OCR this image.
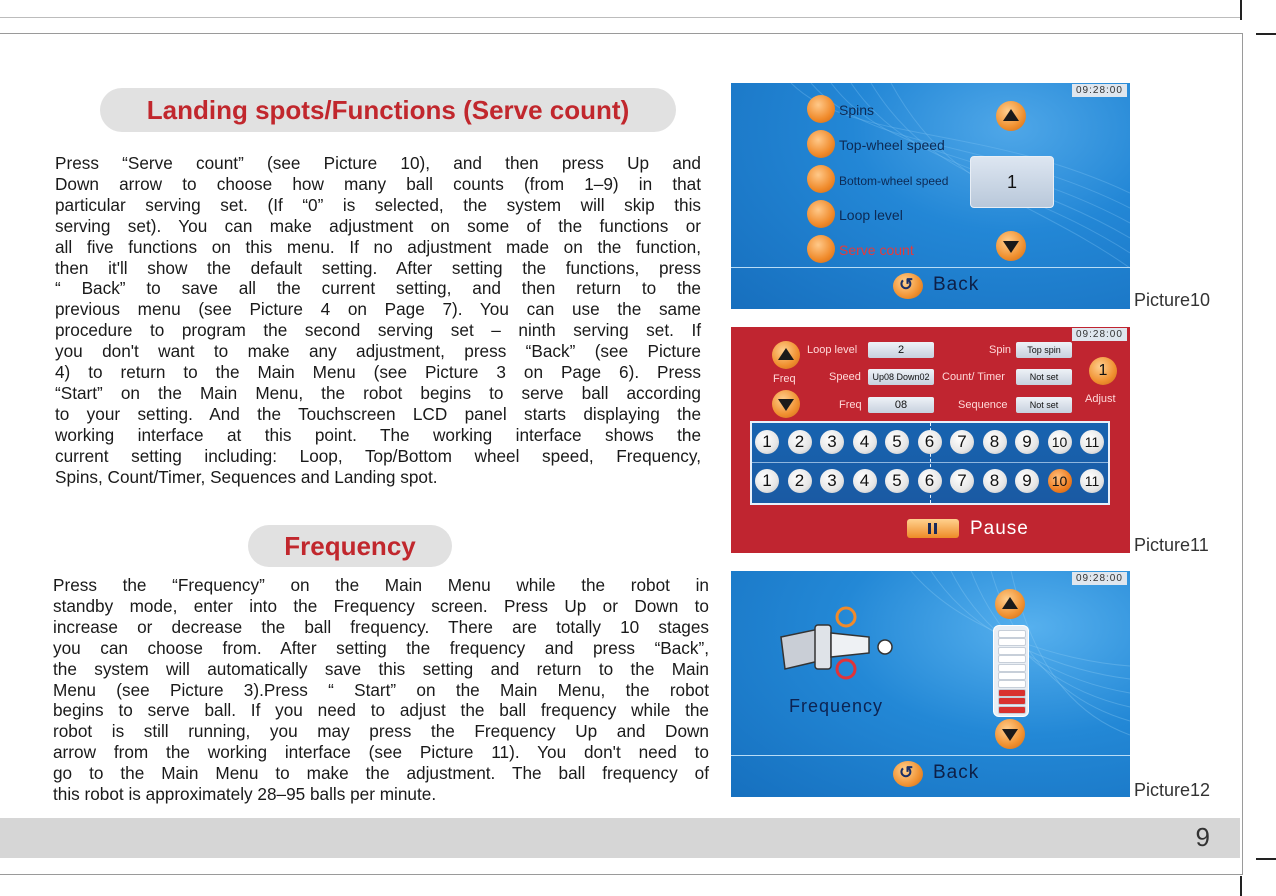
9
Landing spots/Functions (Serve count)
Press “Serve count” (see Picture 10), and then press Up and
Down arrow to choose how many ball counts (from 1–9) in that
particular serving set. (If “0” is selected, the system will skip this
serving set). You can make adjustment on some of the functions or
all five functions on this menu. If no adjustment made on the function,
then it'll show the default setting. After setting the functions, press
“ Back” to save all the current setting, and then return to the
previous menu (see Picture 4 on Page 7). You can use the same
procedure to program the second serving set – ninth serving set. If
you don't want to make any adjustment, press “Back” (see Picture
4) to return to the Main Menu (see Picture 3 on Page 6). Press
“Start” on the Main Menu, the robot begins to serve ball according
to your setting. And the Touchscreen LCD panel starts displaying the
working interface at this point. The working interface shows the
current setting including: Loop, Top/Bottom wheel speed, Frequency,
Spins, Count/Timer, Sequences and Landing spot.
Frequency
Press the “Frequency” on the Main Menu while the robot in
standby mode, enter into the Frequency screen. Press Up or Down to
increase or decrease the ball frequency. There are totally 10 stages
you can choose from. After setting the frequency and press “Back”,
the system will automatically save this setting and return to the Main
Menu (see Picture 3).Press “ Start” on the Main Menu, the robot
begins to serve ball. If you need to adjust the ball frequency while the
robot is still running, you may press the Frequency Up and Down
arrow from the working interface (see Picture 11). You don't need to
go to the Main Menu to make the adjustment. The ball frequency of
this robot is approximately 28–95 balls per minute.
09:28:00
Spins
Top-wheel speed
Bottom-wheel speed
Loop level
Serve count
1
↺ Back
Picture10
09:28:00
Freq
Loop level	2
Speed	Up08 Down02
Freq	08
Spin	Top spin
Count/ Timer	Not set
Sequence	Not set
1
Adjust
1	2	3	4	5	6	7	8	9	10	11
1	2	3	4	5	6	7	8	9	10	11
Pause
Picture11
09:28:00
Frequency
↺ Back
Picture12
